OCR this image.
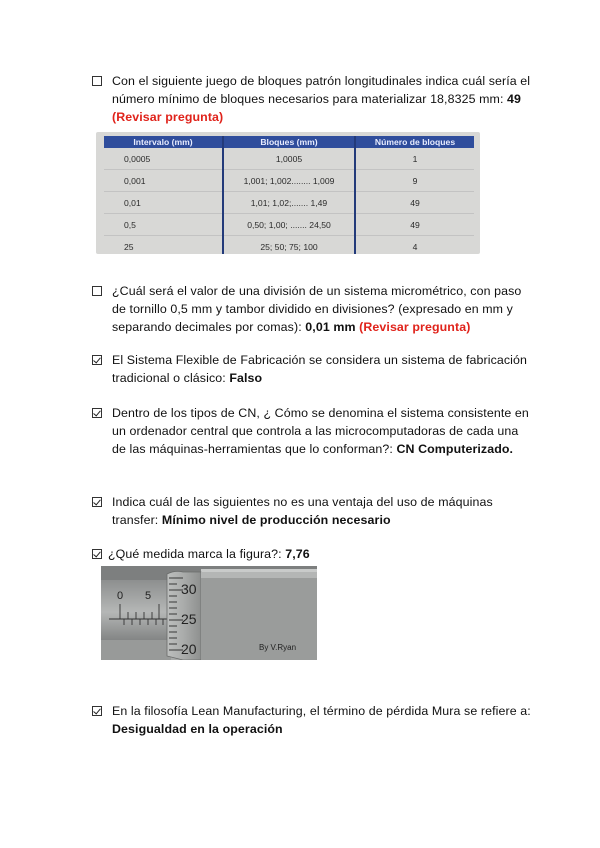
Con el siguiente juego de bloques patrón longitudinales indica cuál sería el número mínimo de bloques necesarios para materializar 18,8325 mm: 49 (Revisar pregunta)
Intervalo (mm)	Bloques (mm)	Número de bloques
0,0005	1,0005	1
0,001	1,001; 1,002........ 1,009	9
0,01	1,01; 1,02;....... 1,49	49
0,5	0,50; 1,00; ....... 24,50	49
25	25; 50; 75; 100	4
¿Cuál será el valor de una división de un sistema micrométrico, con paso de tornillo 0,5 mm y tambor dividido en divisiones? (expresado en mm y separando decimales por comas): 0,01 mm (Revisar pregunta)
El Sistema Flexible de Fabricación se considera un sistema de fabricación tradicional o clásico: Falso
Dentro de los tipos de CN, ¿ Cómo se denomina el sistema consistente en un ordenador central que controla a las microcomputadoras de cada una de las máquinas-herramientas que lo conforman?: CN Computerizado.
Indica cuál de las siguientes no es una ventaja del uso de máquinas transfer: Mínimo nivel de producción necesario
¿Qué medida marca la figura?: 7,76
0 5 30
25
20	By V.Ryan
En la filosofía Lean Manufacturing, el término de pérdida Mura se refiere a: Desigualdad en la operación
